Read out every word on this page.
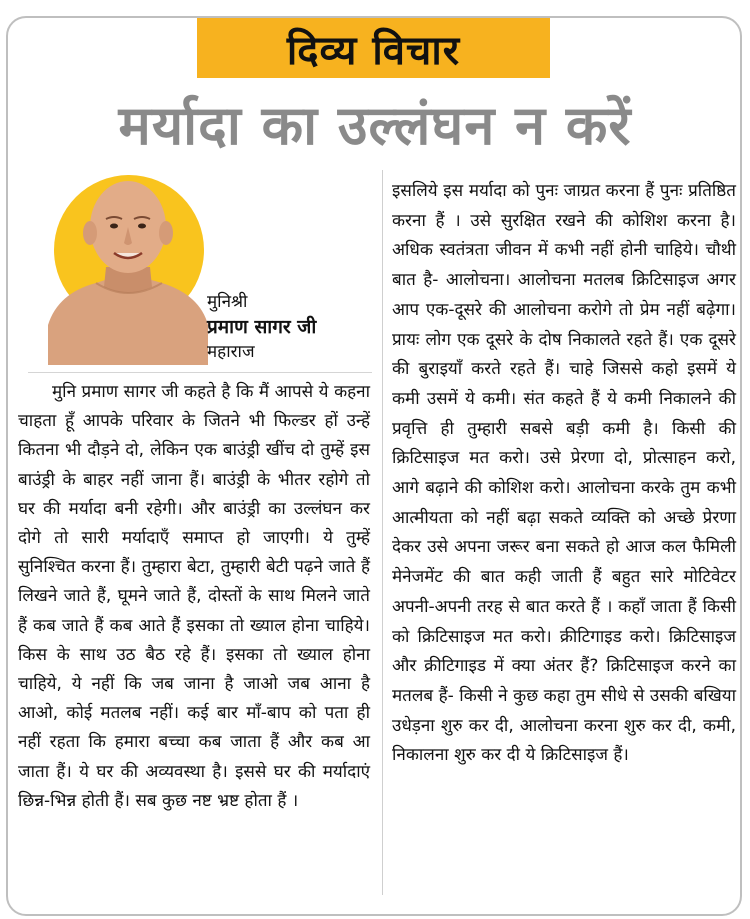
दिव्य विचार
मर्यादा का उल्लंघन न करें
मुनिश्री
प्रमाण सागर जी
महाराज

मुनि प्रमाण सागर जी कहते है कि मैं आपसे ये कहना चाहता हूँ आपके परिवार के जितने भी फिल्डर हों उन्हें कितना भी दौड़ने दो, लेकिन एक बाउंड्री खींच दो तुम्हें इस बाउंड्री के बाहर नहीं जाना हैं। बाउंड्री के भीतर रहोगे तो घर की मर्यादा बनी रहेगी। और बाउंड्री का उल्लंघन कर दोगे तो सारी मर्यादाएँ समाप्त हो जाएगी। ये तुम्हें सुनिश्चित करना हैं। तुम्हारा बेटा, तुम्हारी बेटी पढ़ने जाते हैं लिखने जाते हैं, घूमने जाते हैं, दोस्तों के साथ मिलने जाते हैं कब जाते हैं कब आते हैं इसका तो ख्याल होना चाहिये। किस के साथ उठ बैठ रहे हैं। इसका तो ख्याल होना चाहिये, ये नहीं कि जब जाना है जाओ जब आना है आओ, कोई मतलब नहीं। कई बार माँ-बाप को पता ही नहीं रहता कि हमारा बच्चा कब जाता हैं और कब आ जाता हैं। ये घर की अव्यवस्था है। इससे घर की मर्यादाएं छिन्न-भिन्न होती हैं। सब कुछ नष्ट भ्रष्ट होता हैं ।

इसलिये इस मर्यादा को पुनः जाग्रत करना हैं पुनः प्रतिष्ठित करना हैं । उसे सुरक्षित रखने की कोशिश करना है। अधिक स्वतंत्रता जीवन में कभी नहीं होनी चाहिये। चौथी बात है- आलोचना। आलोचना मतलब क्रिटिसाइज अगर आप एक-दूसरे की आलोचना करोगे तो प्रेम नहीं बढ़ेगा। प्रायः लोग एक दूसरे के दोष निकालते रहते हैं। एक दूसरे की बुराइयाँ करते रहते हैं। चाहे जिससे कहो इसमें ये कमी उसमें ये कमी। संत कहते हैं ये कमी निकालने की प्रवृत्ति ही तुम्हारी सबसे बड़ी कमी है। किसी की क्रिटिसाइज मत करो। उसे प्रेरणा दो, प्रोत्साहन करो, आगे बढ़ाने की कोशिश करो। आलोचना करके तुम कभी आत्मीयता को नहीं बढ़ा सकते व्यक्ति को अच्छे प्रेरणा देकर उसे अपना जरूर बना सकते हो आज कल फैमिली मेनेजमेंट की बात कही जाती हैं बहुत सारे मोटिवेटर अपनी-अपनी तरह से बात करते हैं । कहाँ जाता हैं किसी को क्रिटिसाइज मत करो। क्रीटिगाइड करो। क्रिटिसाइज और क्रीटिगाइड में क्या अंतर हैं? क्रिटिसाइज करने का मतलब हैं- किसी ने कुछ कहा तुम सीधे से उसकी बखिया उधेड़ना शुरु कर दी, आलोचना करना शुरु कर दी, कमी, निकालना शुरु कर दी ये क्रिटिसाइज हैं।
